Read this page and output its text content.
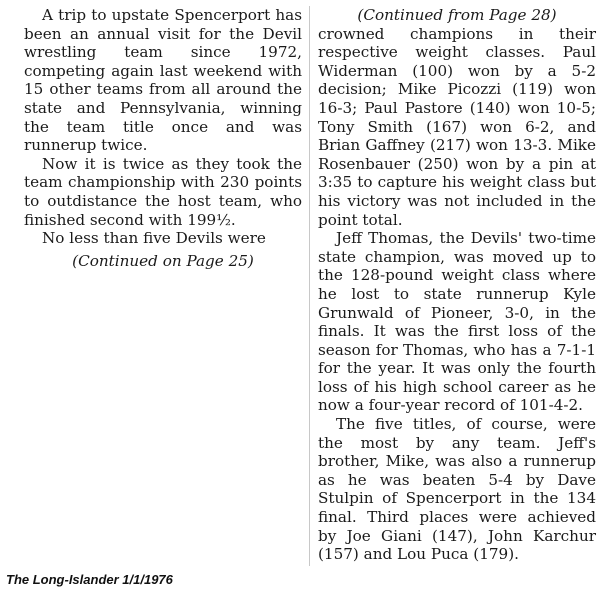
A trip to upstate Spencerport has been an annual visit for the Devil wrestling team since 1972, competing again last weekend with 15 other teams from all around the state and Pennsylvania, winning the team title once and was runnerup twice.

Now it is twice as they took the team championship with 230 points to outdistance the host team, who finished second with 199½.

No less than five Devils were

(Continued on Page 25)

(Continued from Page 28)

crowned champions in their respective weight classes. Paul Widerman (100) won by a 5-2 decision; Mike Picozzi (119) won 16-3; Paul Pastore (140) won 10-5; Tony Smith (167) won 6-2, and Brian Gaffney (217) won 13-3. Mike Rosenbauer (250) won by a pin at 3:35 to capture his weight class but his victory was not included in the point total.

Jeff Thomas, the Devils' two-time state champion, was moved up to the 128-pound weight class where he lost to state runnerup Kyle Grunwald of Pioneer, 3-0, in the finals. It was the first loss of the season for Thomas, who has a 7-1-1 for the year. It was only the fourth loss of his high school career as he now a four-year record of 101-4-2.

The five titles, of course, were the most by any team. Jeff's brother, Mike, was also a runnerup as he was beaten 5-4 by Dave Stulpin of Spencerport in the 134 final. Third places were achieved by Joe Giani (147), John Karchur (157) and Lou Puca (179).

The Long-Islander 1/1/1976
